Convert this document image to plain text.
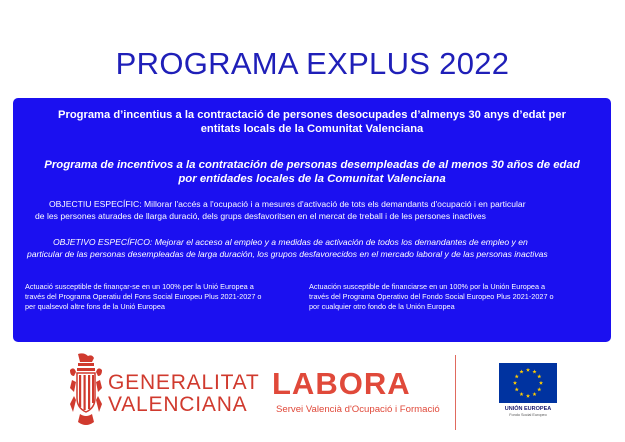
PROGRAMA EXPLUS 2022
Programa d’incentius a la contractació de persones desocupades d’almenys 30 anys d’edat per
entitats locals de la Comunitat Valenciana
Programa de incentivos a la contratación de personas desempleadas de al menos 30 años de edad
por entidades locales de la Comunitat Valenciana
OBJECTIU ESPECÍFIC: Millorar l'accés a l'ocupació i a mesures d'activació de tots els demandants d'ocupació i en particular
de les persones aturades de llarga duració, dels grups desfavoritsen en el mercat de treball i de les persones inactives
OBJETIVO ESPECÍFICO: Mejorar el acceso al empleo y a medidas de activación de todos los demandantes de empleo y en
particular de las personas desempleadas de larga duración, los grupos desfavorecidos en el mercado laboral y de las personas inactivas
Actuació susceptible de finançar-se en un 100% per la Unió Europea a
través del Programa Operatiu del Fons Social Europeu Plus 2021-2027 o
per qualsevol altre fons de la Unió Europea
Actuación susceptible de financiarse en un 100% por la Unión Europea a
través del Programa Operativo del Fondo Social Europeo Plus 2021-2027 o
por cualquier otro fondo de la Unión Europea
GENERALITAT
VALENCIANA
LABORA
Servei Valencià d'Ocupació i Formació	UNIÓN EUROPEA
Fondo Social Europeo
